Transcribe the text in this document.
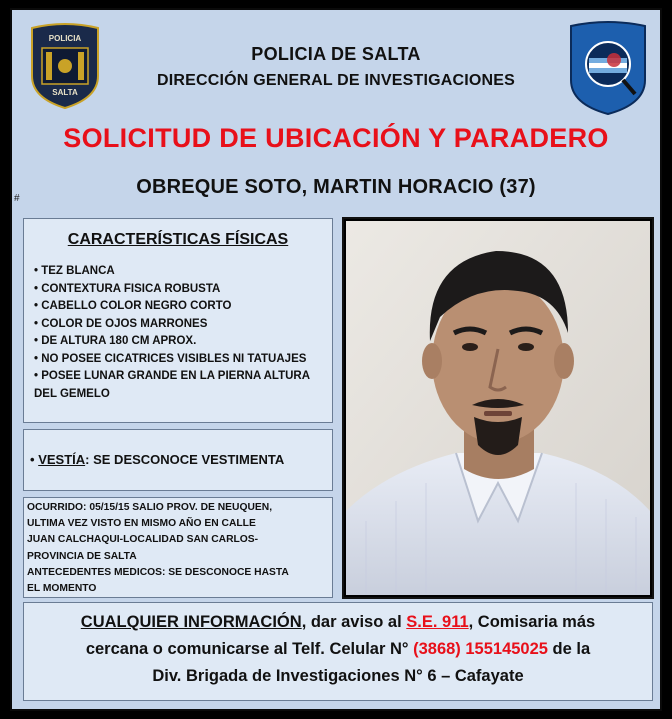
POLICIA
SALTA
POLICIA DE SALTA
DIRECCIÓN GENERAL DE INVESTIGACIONES
SOLICITUD DE UBICACIÓN Y PARADERO
OBREQUE SOTO, MARTIN HORACIO (37)
#
CARACTERÍSTICAS FÍSICAS
• TEZ BLANCA
• CONTEXTURA FISICA ROBUSTA
• CABELLO COLOR NEGRO CORTO
• COLOR DE OJOS MARRONES
• DE ALTURA 180 CM APROX.
• NO POSEE CICATRICES VISIBLES NI TATUAJES
• POSEE LUNAR GRANDE EN LA PIERNA ALTURA DEL GEMELO
• VESTÍA: SE DESCONOCE VESTIMENTA
OCURRIDO: 05/15/15 SALIO PROV. DE NEUQUEN,
ULTIMA VEZ VISTO EN MISMO AÑO EN CALLE
JUAN CALCHAQUI-LOCALIDAD SAN CARLOS-
PROVINCIA DE SALTA
ANTECEDENTES MEDICOS: SE DESCONOCE HASTA
EL MOMENTO
CUALQUIER INFORMACIÓN, dar aviso al S.E. 911, Comisaria más
cercana o comunicarse al Telf. Celular N° (3868) 155145025 de la
Div. Brigada de Investigaciones N° 6 – Cafayate
